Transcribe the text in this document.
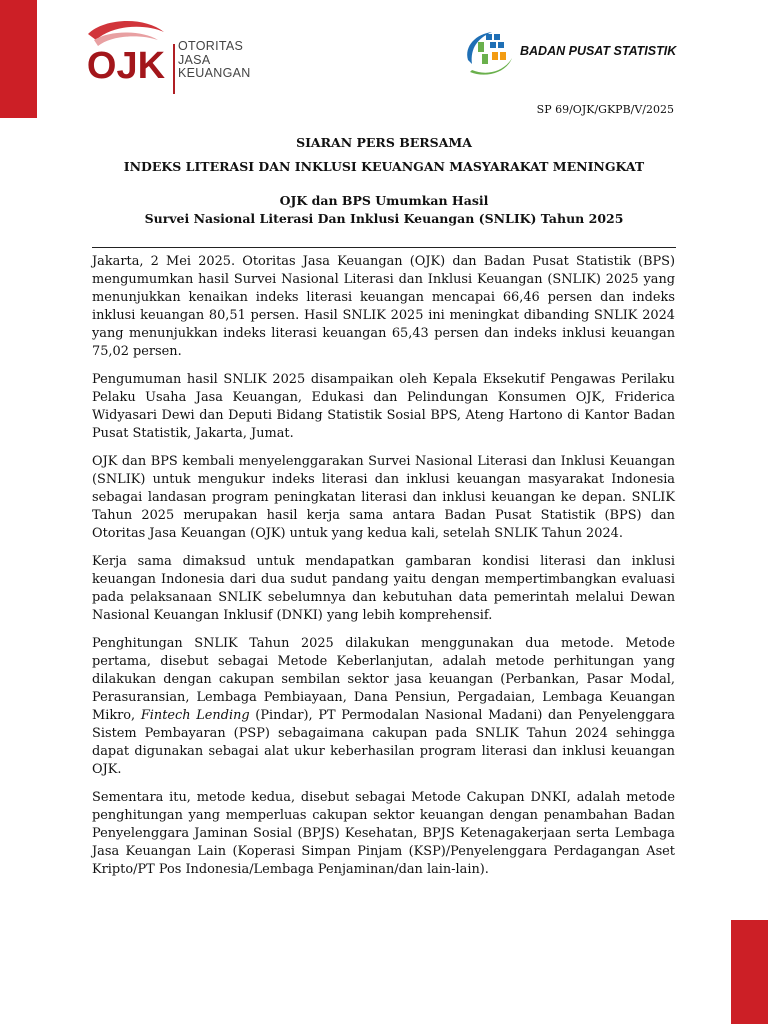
OJK OTORITAS
JASA
KEUANGAN
BADAN PUSAT STATISTIK
SP 69/OJK/GKPB/V/2025
SIARAN PERS BERSAMA
INDEKS LITERASI DAN INKLUSI KEUANGAN MASYARAKAT MENINGKAT
OJK dan BPS Umumkan Hasil
Survei Nasional Literasi Dan Inklusi Keuangan (SNLIK) Tahun 2025

Jakarta, 2 Mei 2025. Otoritas Jasa Keuangan (OJK) dan Badan Pusat Statistik (BPS) mengumumkan hasil Survei Nasional Literasi dan Inklusi Keuangan (SNLIK) 2025 yang menunjukkan kenaikan indeks literasi keuangan mencapai 66,46 persen dan indeks inklusi keuangan 80,51 persen. Hasil SNLIK 2025 ini meningkat dibanding SNLIK 2024 yang menunjukkan indeks literasi keuangan 65,43 persen dan indeks inklusi keuangan 75,02 persen.

Pengumuman hasil SNLIK 2025 disampaikan oleh Kepala Eksekutif Pengawas Perilaku Pelaku Usaha Jasa Keuangan, Edukasi dan Pelindungan Konsumen OJK, Friderica Widyasari Dewi dan Deputi Bidang Statistik Sosial BPS, Ateng Hartono di Kantor Badan Pusat Statistik, Jakarta, Jumat.

OJK dan BPS kembali menyelenggarakan Survei Nasional Literasi dan Inklusi Keuangan (SNLIK) untuk mengukur indeks literasi dan inklusi keuangan masyarakat Indonesia sebagai landasan program peningkatan literasi dan inklusi keuangan ke depan. SNLIK Tahun 2025 merupakan hasil kerja sama antara Badan Pusat Statistik (BPS) dan Otoritas Jasa Keuangan (OJK) untuk yang kedua kali, setelah SNLIK Tahun 2024.

Kerja sama dimaksud untuk mendapatkan gambaran kondisi literasi dan inklusi keuangan Indonesia dari dua sudut pandang yaitu dengan mempertimbangkan evaluasi pada pelaksanaan SNLIK sebelumnya dan kebutuhan data pemerintah melalui Dewan Nasional Keuangan Inklusif (DNKI) yang lebih komprehensif.

Penghitungan SNLIK Tahun 2025 dilakukan menggunakan dua metode. Metode pertama, disebut sebagai Metode Keberlanjutan, adalah metode perhitungan yang dilakukan dengan cakupan sembilan sektor jasa keuangan (Perbankan, Pasar Modal, Perasuransian, Lembaga Pembiayaan, Dana Pensiun, Pergadaian, Lembaga Keuangan Mikro, Fintech Lending (Pindar), PT Permodalan Nasional Madani) dan Penyelenggara Sistem Pembayaran (PSP) sebagaimana cakupan pada SNLIK Tahun 2024 sehingga dapat digunakan sebagai alat ukur keberhasilan program literasi dan inklusi keuangan OJK.

Sementara itu, metode kedua, disebut sebagai Metode Cakupan DNKI, adalah metode penghitungan yang memperluas cakupan sektor keuangan dengan penambahan Badan Penyelenggara Jaminan Sosial (BPJS) Kesehatan, BPJS Ketenagakerjaan serta Lembaga Jasa Keuangan Lain (Koperasi Simpan Pinjam (KSP)/Penyelenggara Perdagangan Aset Kripto/PT Pos Indonesia/Lembaga Penjaminan/dan lain-lain).
